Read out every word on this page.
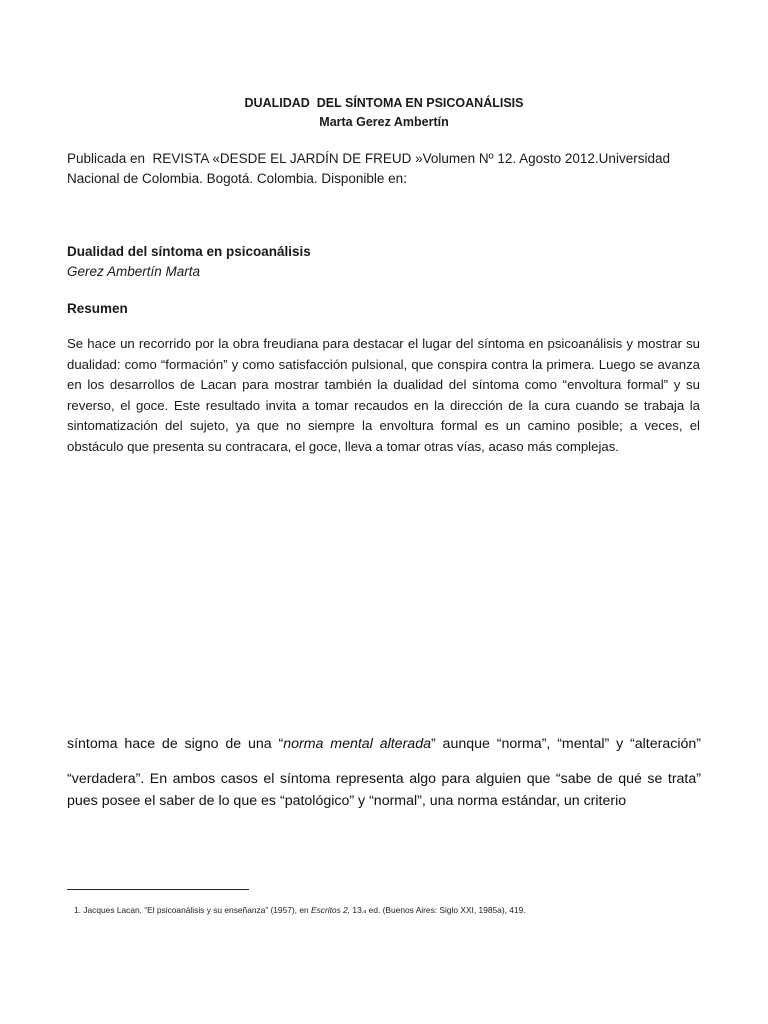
DUALIDAD  DEL SÍNTOMA EN PSICOANÁLISIS
Marta Gerez Ambertín
Publicada en  REVISTA «DESDE EL JARDÍN DE FREUD »Volumen Nº 12. Agosto 2012.Universidad
Nacional de Colombia. Bogotá. Colombia. Disponible en:
Dualidad del síntoma en psicoanálisis
Gerez Ambertín Marta
Resumen
Se hace un recorrido por la obra freudiana para destacar el lugar del síntoma en psicoanálisis y mostrar su dualidad: como “formación” y como satisfacción pulsional, que conspira contra la primera. Luego se avanza en los desarrollos de Lacan para mostrar también la dualidad del síntoma como “envoltura formal” y su reverso, el goce. Este resultado invita a tomar recaudos en la dirección de la cura cuando se trabaja la sintomatización del sujeto, ya que no siempre la envoltura formal es un camino posible; a veces, el obstáculo que presenta su contracara, el goce, lleva a tomar otras vías, acaso más complejas.
síntoma hace de signo de una “norma mental alterada” aunque “norma”, “mental” y “alteración”
“verdadera”. En ambos casos el síntoma representa algo para alguien que “sabe de qué se trata” pues posee el saber de lo que es “patológico” y “normal”, una norma estándar, un criterio
1. Jacques Lacan, “El psicoanálisis y su enseñanza” (1957), en Escritos 2, 13.a ed. (Buenos Aires: Siglo XXI, 1985a), 419.
